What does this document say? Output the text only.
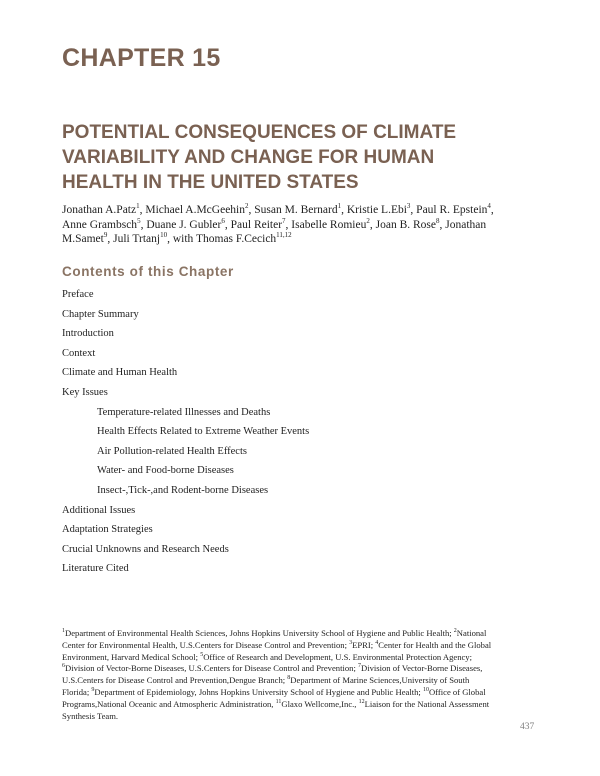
CHAPTER 15
POTENTIAL CONSEQUENCES OF CLIMATE VARIABILITY AND CHANGE FOR HUMAN HEALTH IN THE UNITED STATES
Jonathan A.Patz$^1$, Michael A.McGeehin$^2$, Susan M. Bernard$^1$, Kristie L.Ebi$^3$, Paul R. Epstein$^4$, Anne Grambsch$^5$, Duane J. Gubler$^6$, Paul Reiter$^7$, Isabelle Romieu$^2$, Joan B. Rose$^8$, Jonathan M.Samet$^9$, Juli Trtanj$^{10}$, with Thomas F.Cecich$^{11,12}$
Contents of this Chapter
Preface
Chapter Summary
Introduction
Context
Climate and Human Health
Key Issues
Temperature-related Illnesses and Deaths
Health Effects Related to Extreme Weather Events
Air Pollution-related Health Effects
Water- and Food-borne Diseases
Insect-,Tick-,and Rodent-borne Diseases
Additional Issues
Adaptation Strategies
Crucial Unknowns and Research Needs
Literature Cited
$^1$Department of Environmental Health Sciences, Johns Hopkins University School of Hygiene and Public Health; $^2$National Center for Environmental Health, U.S.Centers for Disease Control and Prevention; $^3$EPRI; $^4$Center for Health and the Global Environment, Harvard Medical School; $^5$Office of Research and Development, U.S. Environmental Protection Agency; $^6$Division of Vector-Borne Diseases, U.S.Centers for Disease Control and Prevention; $^7$Division of Vector-Borne Diseases, U.S.Centers for Disease Control and Prevention,Dengue Branch; $^8$Department of Marine Sciences,University of South Florida; $^9$Department of Epidemiology, Johns Hopkins University School of Hygiene and Public Health; $^{10}$Office of Global Programs,National Oceanic and Atmospheric Administration, $^{11}$Glaxo Wellcome,Inc., $^{12}$Liaison for the National Assessment Synthesis Team.
437
